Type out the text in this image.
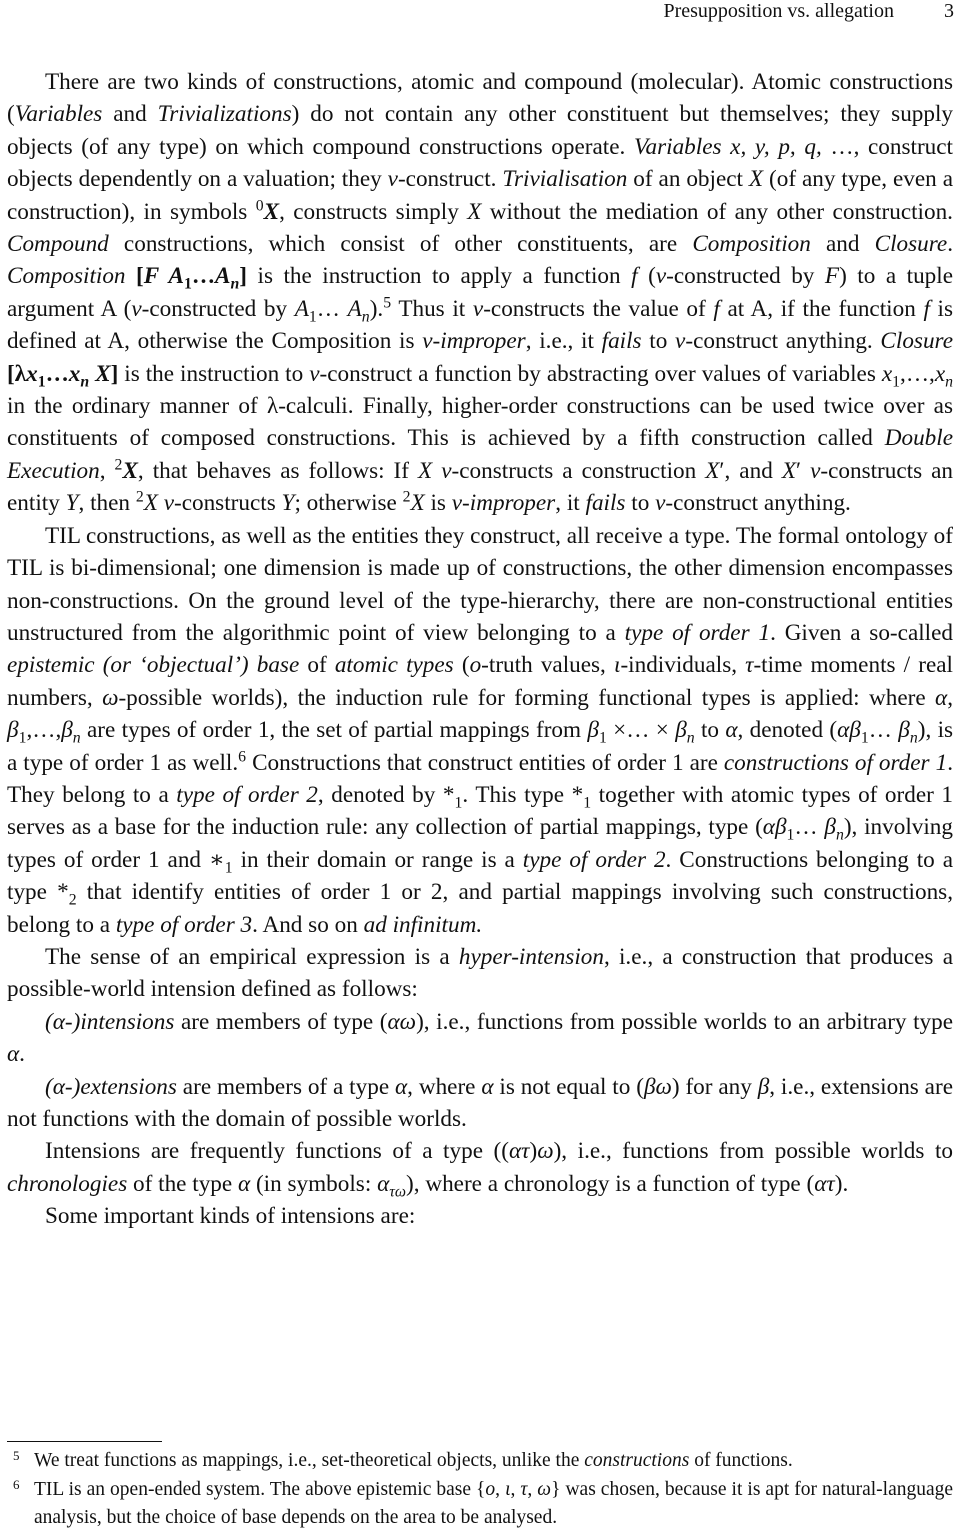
Presupposition vs. allegation	3

There are two kinds of constructions, atomic and compound (molecular). Atomic constructions (Variables and Trivializations) do not contain any other constituent but themselves; they supply objects (of any type) on which compound constructions operate. Variables x, y, p, q, …, construct objects dependently on a valuation; they v-construct. Trivialisation of an object X (of any type, even a construction), in symbols $^0$X, constructs simply X without the mediation of any other construction. Compound constructions, which consist of other constituents, are Composition and Closure. Composition [F $A_1\dots A_n$] is the instruction to apply a function f (v-constructed by F) to a tuple argument A (v-constructed by $A_1\dots$ $A_n).^5$ Thus it v-constructs the value of f at A, if the function f is defined at A, otherwise the Composition is v-improper, i.e., it fails to v-construct anything. Closure [$\lambda x_1\dots x_n$ X] is the instruction to v-construct a function by abstracting over values of variables $x_1,\dots,x_n$ in the ordinary manner of λ-calculi. Finally, higher-order constructions can be used twice over as constituents of composed constructions. This is achieved by a fifth construction called Double Execution, $^2$X, that behaves as follows: If X v-constructs a construction X′, and X′ v-constructs an entity Y, then $^2$X v-constructs Y; otherwise $^2$X is v-improper, it fails to v-construct anything.

TIL constructions, as well as the entities they construct, all receive a type. The formal ontology of TIL is bi-dimensional; one dimension is made up of constructions, the other dimension encompasses non-constructions. On the ground level of the type-hierarchy, there are non-constructional entities unstructured from the algorithmic point of view belonging to a type of order 1. Given a so-called epistemic (or ‘objectual’) base of atomic types (ο-truth values, ι-individuals, τ-time moments / real numbers, ω-possible worlds), the induction rule for forming functional types is applied: where α, $\beta_1,\dots,\beta_n$ are types of order 1, the set of partial mappings from $\beta_1$ ×… × $\beta_n$ to α, denoted ($\alpha\beta_1\dots$ $\beta_n$), is a type of order 1 as well.$^6$ Constructions that construct entities of order 1 are constructions of order 1. They belong to a type of order 2, denoted by $*_1$. This type $*_1$ together with atomic types of order 1 serves as a base for the induction rule: any collection of partial mappings, type ($\alpha\beta_1\dots$ $\beta_n$), involving types of order 1 and $∗_1$ in their domain or range is a type of order 2. Constructions belonging to a type $*_2$ that identify entities of order 1 or 2, and partial mappings involving such constructions, belong to a type of order 3. And so on ad infinitum.

The sense of an empirical expression is a hyper-intension, i.e., a construction that produces a possible-world intension defined as follows:

(α-)intensions are members of type (αω), i.e., functions from possible worlds to an arbitrary type α.

(α-)extensions are members of a type α, where α is not equal to (βω) for any β, i.e., extensions are not functions with the domain of possible worlds.

Intensions are frequently functions of a type ((ατ)ω), i.e., functions from possible worlds to chronologies of the type α (in symbols: $\alpha_{\tau\omega}$), where a chronology is a function of type (ατ).

Some important kinds of intensions are:

5 We treat functions as mappings, i.e., set-theoretical objects, unlike the constructions of functions.

6 TIL is an open-ended system. The above epistemic base {ο, ι, τ, ω} was chosen, because it is apt for natural-language analysis, but the choice of base depends on the area to be analysed.
